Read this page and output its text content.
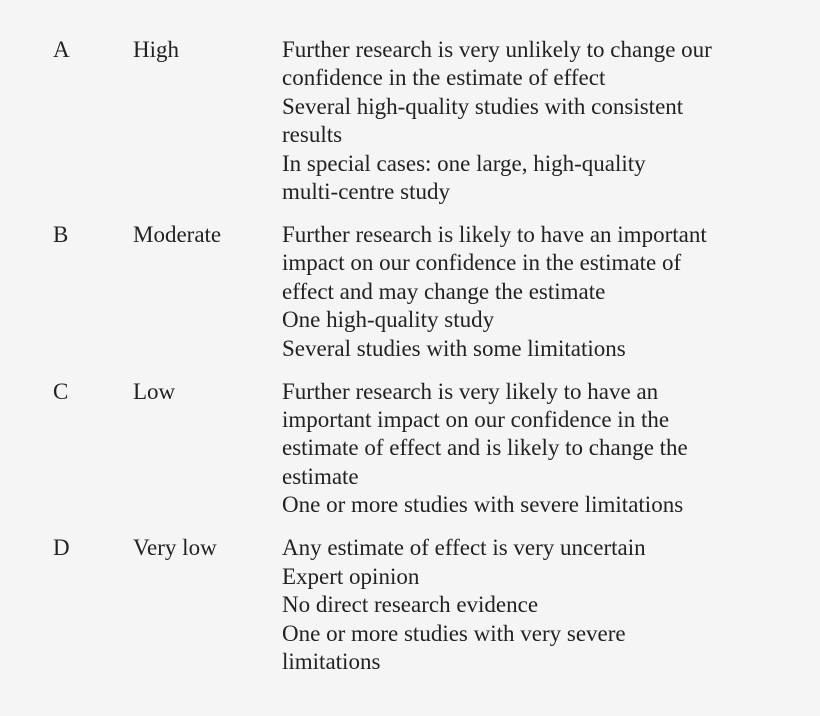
A	High	Further research is very unlikely to change our
confidence in the estimate of effect
Several high-quality studies with consistent
results
In special cases: one large, high-quality
multi-centre study
B	Moderate	Further research is likely to have an important
impact on our confidence in the estimate of
effect and may change the estimate
One high-quality study
Several studies with some limitations
C	Low	Further research is very likely to have an
important impact on our confidence in the
estimate of effect and is likely to change the
estimate
One or more studies with severe limitations
D	Very low	Any estimate of effect is very uncertain
Expert opinion
No direct research evidence
One or more studies with very severe
limitations
